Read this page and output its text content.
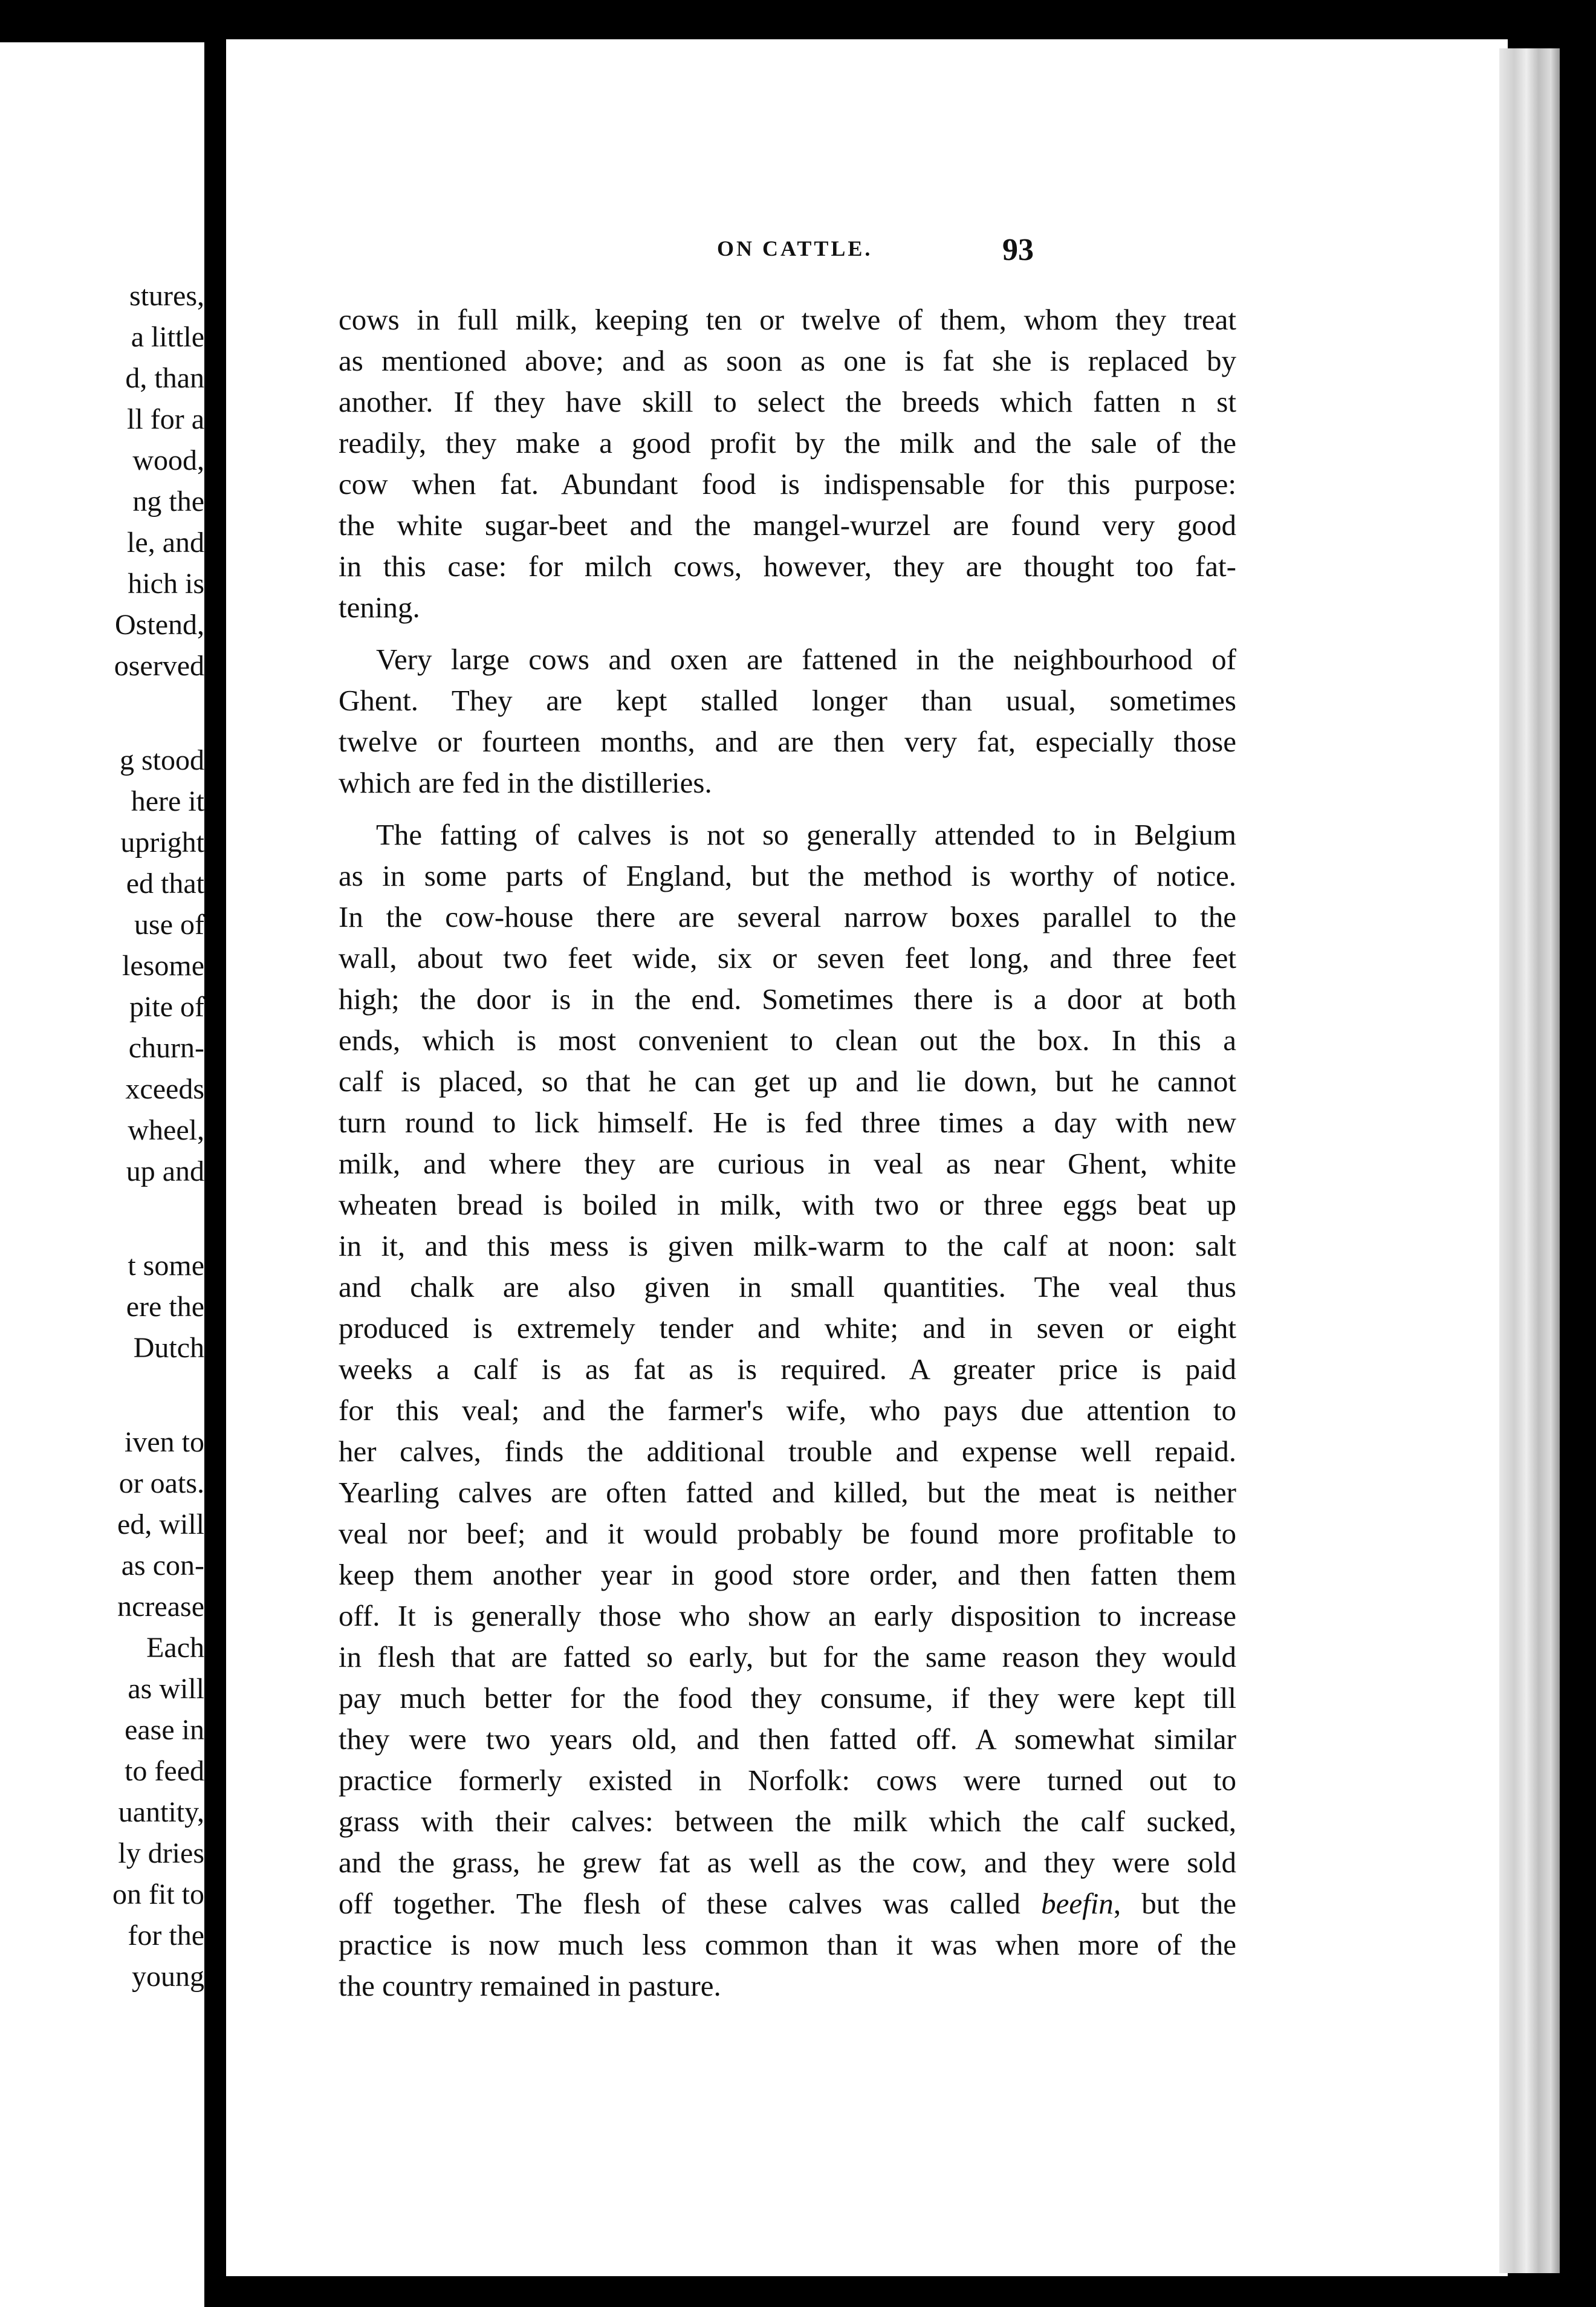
stures,
a little
d, than
ll for a
wood,
ng the
le, and
hich is
Ostend,
oserved
g stood
here it
upright
ed that
use of
lesome
pite of
churn-
xceeds
wheel,
up and
t some
ere the
Dutch
iven to
or oats.
ed, will
as con-
ncrease
Each
as will
ease in
to feed
uantity,
ly dries
on fit to
for the
young
ON CATTLE.	93
cows in full milk, keeping ten or twelve of them, whom they treat
as mentioned above; and as soon as one is fat she is replaced by
another. If they have skill to select the breeds which fatten n st
readily, they make a good profit by the milk and the sale of the
cow when fat. Abundant food is indispensable for this purpose:
the white sugar-beet and the mangel-wurzel are found very good
in this case: for milch cows, however, they are thought too fat-
tening.
Very large cows and oxen are fattened in the neighbourhood of
Ghent. They are kept stalled longer than usual, sometimes
twelve or fourteen months, and are then very fat, especially those
which are fed in the distilleries.
The fatting of calves is not so generally attended to in Belgium
as in some parts of England, but the method is worthy of notice.
In the cow-house there are several narrow boxes parallel to the
wall, about two feet wide, six or seven feet long, and three feet
high; the door is in the end. Sometimes there is a door at both
ends, which is most convenient to clean out the box. In this a
calf is placed, so that he can get up and lie down, but he cannot
turn round to lick himself. He is fed three times a day with new
milk, and where they are curious in veal as near Ghent, white
wheaten bread is boiled in milk, with two or three eggs beat up
in it, and this mess is given milk-warm to the calf at noon: salt
and chalk are also given in small quantities. The veal thus
produced is extremely tender and white; and in seven or eight
weeks a calf is as fat as is required. A greater price is paid
for this veal; and the farmer's wife, who pays due attention to
her calves, finds the additional trouble and expense well repaid.
Yearling calves are often fatted and killed, but the meat is neither
veal nor beef; and it would probably be found more profitable to
keep them another year in good store order, and then fatten them
off. It is generally those who show an early disposition to increase
in flesh that are fatted so early, but for the same reason they would
pay much better for the food they consume, if they were kept till
they were two years old, and then fatted off. A somewhat similar
practice formerly existed in Norfolk: cows were turned out to
grass with their calves: between the milk which the calf sucked,
and the grass, he grew fat as well as the cow, and they were sold
off together. The flesh of these calves was called beefin, but the
practice is now much less common than it was when more of the
the country remained in pasture.
